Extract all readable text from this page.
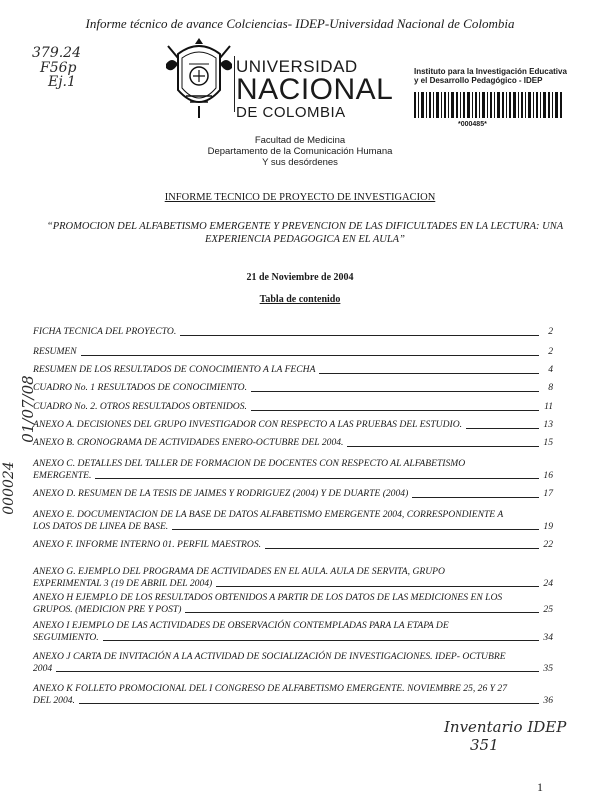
Informe técnico de avance Colciencias- IDEP-Universidad Nacional de Colombia
379.24
F56p
Ej.1
UNIVERSIDAD
NACIONAL
DE COLOMBIA
Instituto para la Investigación Educativa
y el Desarrollo Pedagógico - IDEP
*000485*
Facultad de Medicina
Departamento de la Comunicación Humana
Y sus desórdenes
INFORME TECNICO DE PROYECTO DE INVESTIGACION
“PROMOCION DEL ALFABETISMO EMERGENTE Y PREVENCION DE LAS DIFICULTADES EN LA LECTURA: UNA EXPERIENCIA PEDAGOGICA EN EL AULA”
21 de Noviembre de 2004
Tabla de contenido
01/07/08
000024
FICHA TECNICA DEL PROYECTO.	2
RESUMEN	2
RESUMEN DE LOS RESULTADOS DE CONOCIMIENTO A LA FECHA	4
CUADRO No. 1 RESULTADOS DE CONOCIMIENTO.	8
CUADRO No. 2. OTROS RESULTADOS OBTENIDOS.	11
ANEXO A. DECISIONES DEL GRUPO INVESTIGADOR CON RESPECTO A LAS PRUEBAS DEL ESTUDIO.	13
ANEXO B. CRONOGRAMA DE ACTIVIDADES ENERO-OCTUBRE DEL 2004.	15
ANEXO C. DETALLES DEL TALLER DE FORMACION DE DOCENTES CON RESPECTO AL ALFABETISMO
EMERGENTE.	16
ANEXO D. RESUMEN DE LA TESIS DE JAIMES Y RODRIGUEZ (2004) Y DE DUARTE (2004)	17
ANEXO E. DOCUMENTACION DE LA BASE DE DATOS ALFABETISMO EMERGENTE 2004, CORRESPONDIENTE A
LOS DATOS DE LINEA DE BASE.	19
ANEXO F. INFORME INTERNO 01. PERFIL MAESTROS.	22
ANEXO G. EJEMPLO DEL PROGRAMA DE ACTIVIDADES EN EL AULA. AULA DE SERVITA, GRUPO
EXPERIMENTAL 3 (19 DE ABRIL DEL 2004)	24
ANEXO H EJEMPLO DE LOS RESULTADOS OBTENIDOS A PARTIR DE LOS DATOS DE LAS MEDICIONES EN LOS
GRUPOS. (MEDICION PRE Y POST)	25
ANEXO I EJEMPLO DE LAS ACTIVIDADES DE OBSERVACIÓN CONTEMPLADAS PARA LA ETAPA DE
SEGUIMIENTO.	34
ANEXO J CARTA DE INVITACIÓN A LA ACTIVIDAD DE SOCIALIZACIÓN DE INVESTIGACIONES. IDEP- OCTUBRE
2004	35
ANEXO K FOLLETO PROMOCIONAL DEL I CONGRESO DE ALFABETISMO EMERGENTE. NOVIEMBRE 25, 26 Y 27
DEL 2004.	36
Inventario IDEP
351
1
